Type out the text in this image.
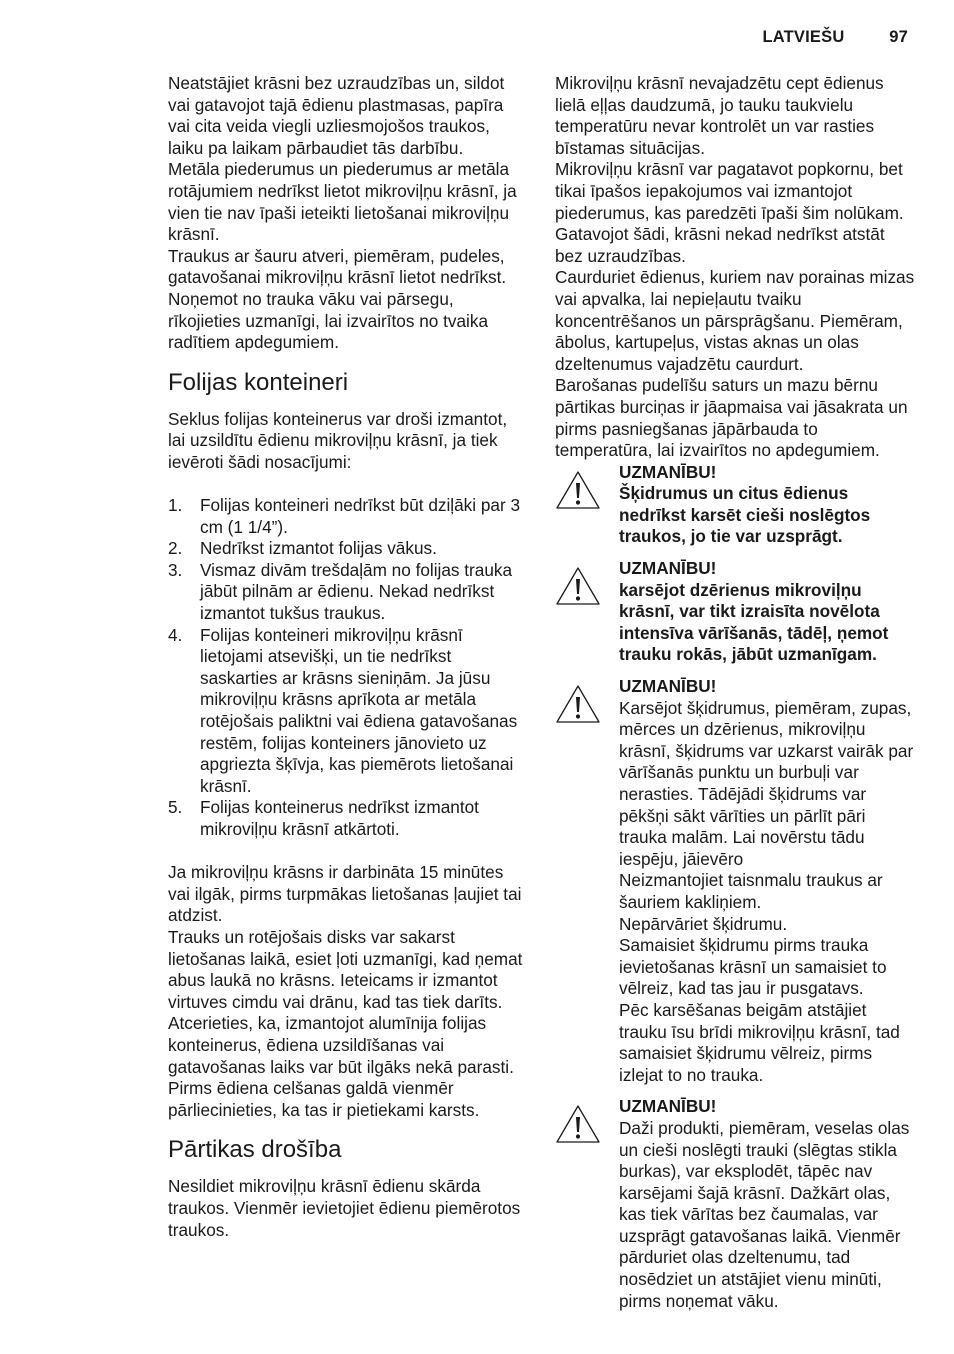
LATVIEŠU	97

Neatstājiet krāsni bez uzraudzības un, sildot vai gatavojot tajā ēdienu plastmasas, papīra vai cita veida viegli uzliesmojošos traukos, laiku pa laikam pārbaudiet tās darbību.

Metāla piederumus un piederumus ar metāla rotājumiem nedrīkst lietot mikroviļņu krāsnī, ja vien tie nav īpaši ieteikti lietošanai mikroviļņu krāsnī.

Traukus ar šauru atveri, piemēram, pudeles, gatavošanai mikroviļņu krāsnī lietot nedrīkst.

Noņemot no trauka vāku vai pārsegu, rīkojieties uzmanīgi, lai izvairītos no tvaika radītiem apdegumiem.

Folijas konteineri

Seklus folijas konteinerus var droši izmantot, lai uzsildītu ēdienu mikroviļņu krāsnī, ja tiek ievēroti šādi nosacījumi:

1. Folijas konteineri nedrīkst būt dziļāki par 3 cm (1 1/4”).
2. Nedrīkst izmantot folijas vākus.
3. Vismaz divām trešdaļām no folijas trauka jābūt pilnām ar ēdienu. Nekad nedrīkst izmantot tukšus traukus.
4. Folijas konteineri mikroviļņu krāsnī lietojami atsevišķi, un tie nedrīkst saskarties ar krāsns sieniņām. Ja jūsu mikroviļņu krāsns aprīkota ar metāla rotējošais paliktni vai ēdiena gatavošanas restēm, folijas konteiners jānovieto uz apgriezta šķīvja, kas piemērots lietošanai krāsnī.
5. Folijas konteinerus nedrīkst izmantot mikroviļņu krāsnī atkārtoti.

Ja mikroviļņu krāsns ir darbināta 15 minūtes vai ilgāk, pirms turpmākas lietošanas ļaujiet tai atdzist.

Trauks un rotējošais disks var sakarst lietošanas laikā, esiet ļoti uzmanīgi, kad ņemat abus laukā no krāsns. Ieteicams ir izmantot virtuves cimdu vai drānu, kad tas tiek darīts.

Atcerieties, ka, izmantojot alumīnija folijas konteinerus, ēdiena uzsildīšanas vai gatavošanas laiks var būt ilgāks nekā parasti. Pirms ēdiena celšanas galdā vienmēr pārliecinieties, ka tas ir pietiekami karsts.

Pārtikas drošība

Nesildiet mikroviļņu krāsnī ēdienu skārda traukos. Vienmēr ievietojiet ēdienu piemērotos traukos.

Mikroviļņu krāsnī nevajadzētu cept ēdienus lielā eļļas daudzumā, jo tauku taukvielu temperatūru nevar kontrolēt un var rasties bīstamas situācijas.

Mikroviļņu krāsnī var pagatavot popkornu, bet tikai īpašos iepakojumos vai izmantojot piederumus, kas paredzēti īpaši šim nolūkam. Gatavojot šādi, krāsni nekad nedrīkst atstāt bez uzraudzības.

Caurduriet ēdienus, kuriem nav porainas mizas vai apvalka, lai nepieļautu tvaiku koncentrēšanos un pārsprāgšanu. Piemēram, ābolus, kartupeļus, vistas aknas un olas dzeltenumus vajadzētu caurdurt.

Barošanas pudelīšu saturs un mazu bērnu pārtikas burciņas ir jāapmaisa vai jāsakrata un pirms pasniegšanas jāpārbauda to temperatūra, lai izvairītos no apdegumiem.

UZMANĪBU!
Šķidrumus un citus ēdienus nedrīkst karsēt cieši noslēgtos traukos, jo tie var uzsprāgt.
UZMANĪBU!
karsējot dzērienus mikroviļņu krāsnī, var tikt izraisīta novēlota intensīva vārīšanās, tādēļ, ņemot trauku rokās, jābūt uzmanīgam.
UZMANĪBU!
Karsējot šķidrumus, piemēram, zupas, mērces un dzērienus, mikroviļņu krāsnī, šķidrums var uzkarst vairāk par vārīšanās punktu un burbuļi var nerasties. Tādējādi šķidrums var pēkšņi sākt vārīties un pārlīt pāri trauka malām. Lai novērstu tādu iespēju, jāievēro
Neizmantojiet taisnmalu traukus ar šauriem kakliņiem.
Nepārvāriet šķidrumu.
Samaisiet šķidrumu pirms trauka ievietošanas krāsnī un samaisiet to vēlreiz, kad tas jau ir pusgatavs.
Pēc karsēšanas beigām atstājiet trauku īsu brīdi mikroviļņu krāsnī, tad samaisiet šķidrumu vēlreiz, pirms izlejat to no trauka.
UZMANĪBU!
Daži produkti, piemēram, veselas olas un cieši noslēgti trauki (slēgtas stikla burkas), var eksplodēt, tāpēc nav karsējami šajā krāsnī. Dažkārt olas, kas tiek vārītas bez čaumalas, var uzsprāgt gatavošanas laikā. Vienmēr pārduriet olas dzeltenumu, tad nosēdziet un atstājiet vienu minūti, pirms noņemat vāku.
